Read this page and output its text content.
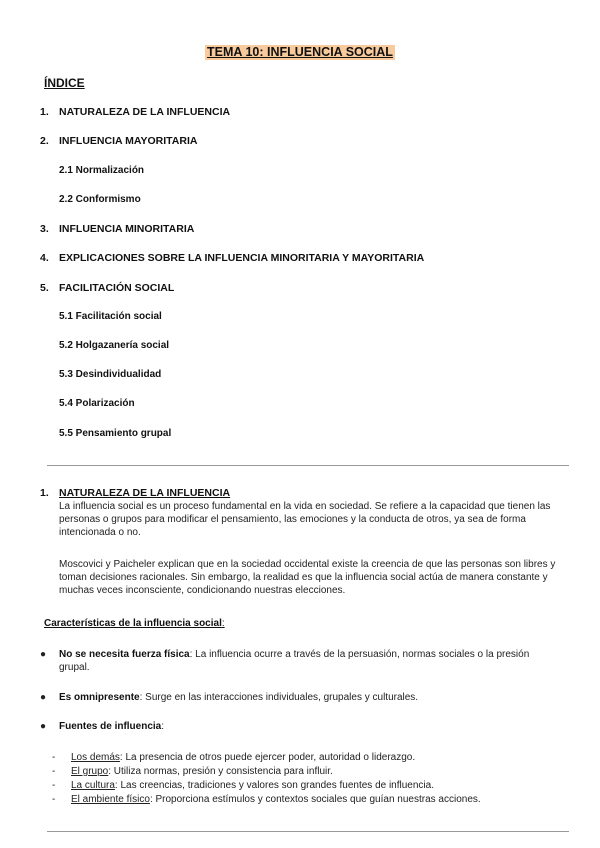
TEMA 10: INFLUENCIA SOCIAL
ÍNDICE
1. NATURALEZA DE LA INFLUENCIA
2. INFLUENCIA MAYORITARIA
2.1 Normalización
2.2 Conformismo
3. INFLUENCIA MINORITARIA
4. EXPLICACIONES SOBRE LA INFLUENCIA MINORITARIA Y MAYORITARIA
5. FACILITACIÓN SOCIAL
5.1 Facilitación social
5.2 Holgazanería social
5.3 Desindividualidad
5.4 Polarización
5.5 Pensamiento grupal
1. NATURALEZA DE LA INFLUENCIA
La influencia social es un proceso fundamental en la vida en sociedad. Se refiere a la capacidad que tienen las personas o grupos para modificar el pensamiento, las emociones y la conducta de otros, ya sea de forma intencionada o no.
Moscovici y Paicheler explican que en la sociedad occidental existe la creencia de que las personas son libres y toman decisiones racionales. Sin embargo, la realidad es que la influencia social actúa de manera constante y muchas veces inconsciente, condicionando nuestras elecciones.
Características de la influencia social:
● No se necesita fuerza física: La influencia ocurre a través de la persuasión, normas sociales o la presión grupal.
● Es omnipresente: Surge en las interacciones individuales, grupales y culturales.
● Fuentes de influencia:
- Los demás: La presencia de otros puede ejercer poder, autoridad o liderazgo.
- El grupo: Utiliza normas, presión y consistencia para influir.
- La cultura: Las creencias, tradiciones y valores son grandes fuentes de influencia.
- El ambiente físico: Proporciona estímulos y contextos sociales que guían nuestras acciones.
